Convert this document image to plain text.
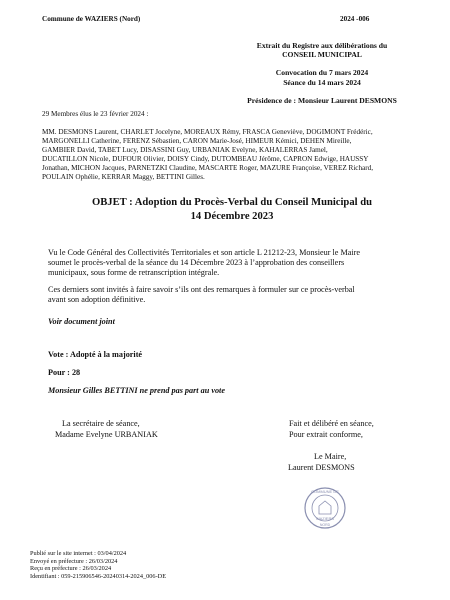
Commune de WAZIERS (Nord)	2024 -006
Extrait du Registre aux délibérations du
CONSEIL MUNICIPAL
Convocation du 7 mars 2024
Séance du 14 mars 2024
Présidence de : Monsieur Laurent DESMONS
29 Membres élus le 23 février 2024 :
MM. DESMONS Laurent, CHARLET Jocelyne, MOREAUX Rémy, FRASCA Geneviève, DOGIMONT Frédéric,
MARGONELLI Catherine, FERENZ Sébastien, CARON Marie-José, HIMEUR Kémici, DEHEN Mireille,
GAMBIER David, TABET Lucy, DISASSINI Guy, URBANIAK Evelyne, KAHALERRAS Jamel,
DUCATILLON Nicole, DUFOUR Olivier, DOISY Cindy, DUTOMBEAU Jérôme, CAPRON Edwige, HAUSSY
Jonathan, MICHON Jacques, PARNETZKI Claudine, MASCARTE Roger, MAZURE Françoise, VEREZ Richard,
POULAIN Ophélie, KERRAR Maggy, BETTINI Gilles.
OBJET : Adoption du Procès-Verbal du Conseil Municipal du
14 Décembre 2023
Vu le Code Général des Collectivités Territoriales et son article L 21212-23, Monsieur le Maire
soumet le procès-verbal de la séance du 14 Décembre 2023 à l’approbation des conseillers
municipaux, sous forme de retranscription intégrale.
Ces derniers sont invités à faire savoir s’ils ont des remarques à formuler sur ce procès-verbal
avant son adoption définitive.
Voir document joint
Vote : Adopté à la majorité
Pour : 28
Monsieur Gilles BETTINI ne prend pas part au vote
La secrétaire de séance,
Madame Evelyne URBANIAK
Fait et délibéré en séance,
Pour extrait conforme,
Le Maire,
Laurent DESMONS
COMMUNE DE
WAZIERS
NORD
Publié sur le site internet : 03/04/2024
Envoyé en préfecture : 26/03/2024
Reçu en préfecture : 26/03/2024
Identifiant : 059-215906546-20240314-2024_006-DE
